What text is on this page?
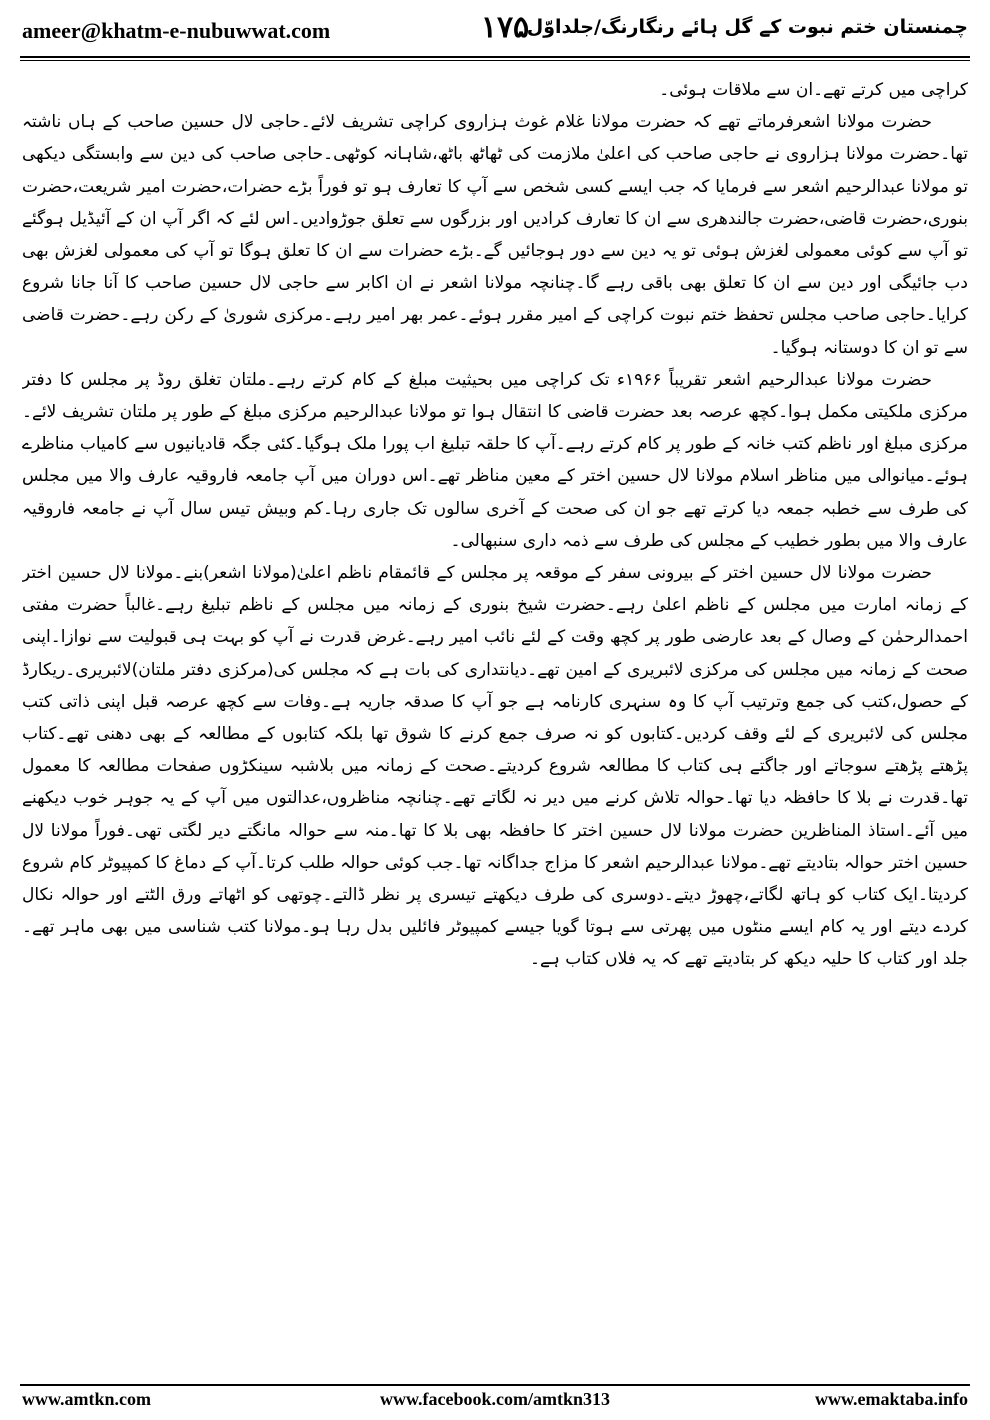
ameer@khatm-e-nubuwwat.com	۱۷۵
چمنستان ختم نبوت کے گل ہائے رنگارنگ/جلداوّل

کراچی میں کرتے تھے۔ان سے ملاقات ہوئی۔

حضرت مولانا اشعرفرماتے تھے کہ حضرت مولانا غلام غوث ہزاروی کراچی تشریف لائے۔حاجی لال حسین صاحب کے ہاں ناشتہ تھا۔حضرت مولانا ہزاروی نے حاجی صاحب کی اعلیٰ ملازمت کی ٹھاٹھ باٹھ،شاہانہ کوٹھی۔حاجی صاحب کی دین سے وابستگی دیکھی تو مولانا عبدالرحیم اشعر سے فرمایا کہ جب ایسے کسی شخص سے آپ کا تعارف ہو تو فوراً بڑے حضرات،حضرت امیر شریعت،حضرت بنوری،حضرت قاضی،حضرت جالندھری سے ان کا تعارف کرادیں اور بزرگوں سے تعلق جوڑوادیں۔اس لئے کہ اگر آپ ان کے آئیڈیل ہوگئے تو آپ سے کوئی معمولی لغزش ہوئی تو یہ دین سے دور ہوجائیں گے۔بڑے حضرات سے ان کا تعلق ہوگا تو آپ کی معمولی لغزش بھی دب جائیگی اور دین سے ان کا تعلق بھی باقی رہے گا۔چنانچہ مولانا اشعر نے ان اکابر سے حاجی لال حسین صاحب کا آنا جانا شروع کرایا۔حاجی صاحب مجلس تحفظ ختم نبوت کراچی کے امیر مقرر ہوئے۔عمر بھر امیر رہے۔مرکزی شوریٰ کے رکن رہے۔حضرت قاضی سے تو ان کا دوستانہ ہوگیا۔

حضرت مولانا عبدالرحیم اشعر تقریباً ۱۹۶۶ء تک کراچی میں بحیثیت مبلغ کے کام کرتے رہے۔ملتان تغلق روڈ پر مجلس کا دفتر مرکزی ملکیتی مکمل ہوا۔کچھ عرصہ بعد حضرت قاضی کا انتقال ہوا تو مولانا عبدالرحیم مرکزی مبلغ کے طور پر ملتان تشریف لائے۔مرکزی مبلغ اور ناظم کتب خانہ کے طور پر کام کرتے رہے۔آپ کا حلقہ تبلیغ اب پورا ملک ہوگیا۔کئی جگہ قادیانیوں سے کامیاب مناظرے ہوئے۔میانوالی میں مناظر اسلام مولانا لال حسین اختر کے معین مناظر تھے۔اس دوران میں آپ جامعہ فاروقیہ عارف والا میں مجلس کی طرف سے خطبہ جمعہ دیا کرتے تھے جو ان کی صحت کے آخری سالوں تک جاری رہا۔کم وبیش تیس سال آپ نے جامعہ فاروقیہ عارف والا میں بطور خطیب کے مجلس کی طرف سے ذمہ داری سنبھالی۔

حضرت مولانا لال حسین اختر کے بیرونی سفر کے موقعہ پر مجلس کے قائمقام ناظم اعلیٰ(مولانا اشعر)بنے۔مولانا لال حسین اختر کے زمانہ امارت میں مجلس کے ناظم اعلیٰ رہے۔حضرت شیخ بنوری کے زمانہ میں مجلس کے ناظم تبلیغ رہے۔غالباً حضرت مفتی احمدالرحمٰن کے وصال کے بعد عارضی طور پر کچھ وقت کے لئے نائب امیر رہے۔غرض قدرت نے آپ کو بہت ہی قبولیت سے نوازا۔اپنی صحت کے زمانہ میں مجلس کی مرکزی لائبریری کے امین تھے۔دیانتداری کی بات ہے کہ مجلس کی(مرکزی دفتر ملتان)لائبریری۔ریکارڈ کے حصول،کتب کی جمع وترتیب آپ کا وہ سنہری کارنامہ ہے جو آپ کا صدقہ جاریہ ہے۔وفات سے کچھ عرصہ قبل اپنی ذاتی کتب مجلس کی لائبریری کے لئے وقف کردیں۔کتابوں کو نہ صرف جمع کرنے کا شوق تھا بلکہ کتابوں کے مطالعہ کے بھی دھنی تھے۔کتاب پڑھتے پڑھتے سوجاتے اور جاگتے ہی کتاب کا مطالعہ شروع کردیتے۔صحت کے زمانہ میں بلاشبہ سینکڑوں صفحات مطالعہ کا معمول تھا۔قدرت نے بلا کا حافظہ دیا تھا۔حوالہ تلاش کرنے میں دیر نہ لگاتے تھے۔چنانچہ مناظروں،عدالتوں میں آپ کے یہ جوہر خوب دیکھنے میں آئے۔استاذ المناظرین حضرت مولانا لال حسین اختر کا حافظہ بھی بلا کا تھا۔منہ سے حوالہ مانگتے دیر لگتی تھی۔فوراً مولانا لال حسین اختر حوالہ بتادیتے تھے۔مولانا عبدالرحیم اشعر کا مزاج جداگانہ تھا۔جب کوئی حوالہ طلب کرتا۔آپ کے دماغ کا کمپیوٹر کام شروع کردیتا۔ایک کتاب کو ہاتھ لگاتے،چھوڑ دیتے۔دوسری کی طرف دیکھتے تیسری پر نظر ڈالتے۔چوتھی کو اٹھاتے ورق الٹتے اور حوالہ نکال کردے دیتے اور یہ کام ایسے منٹوں میں پھرتی سے ہوتا گویا جیسے کمپیوٹر فائلیں بدل رہا ہو۔مولانا کتب شناسی میں بھی ماہر تھے۔جلد اور کتاب کا حلیہ دیکھ کر بتادیتے تھے کہ یہ فلاں کتاب ہے۔

www.amtkn.com	www.facebook.com/amtkn313	www.emaktaba.info
